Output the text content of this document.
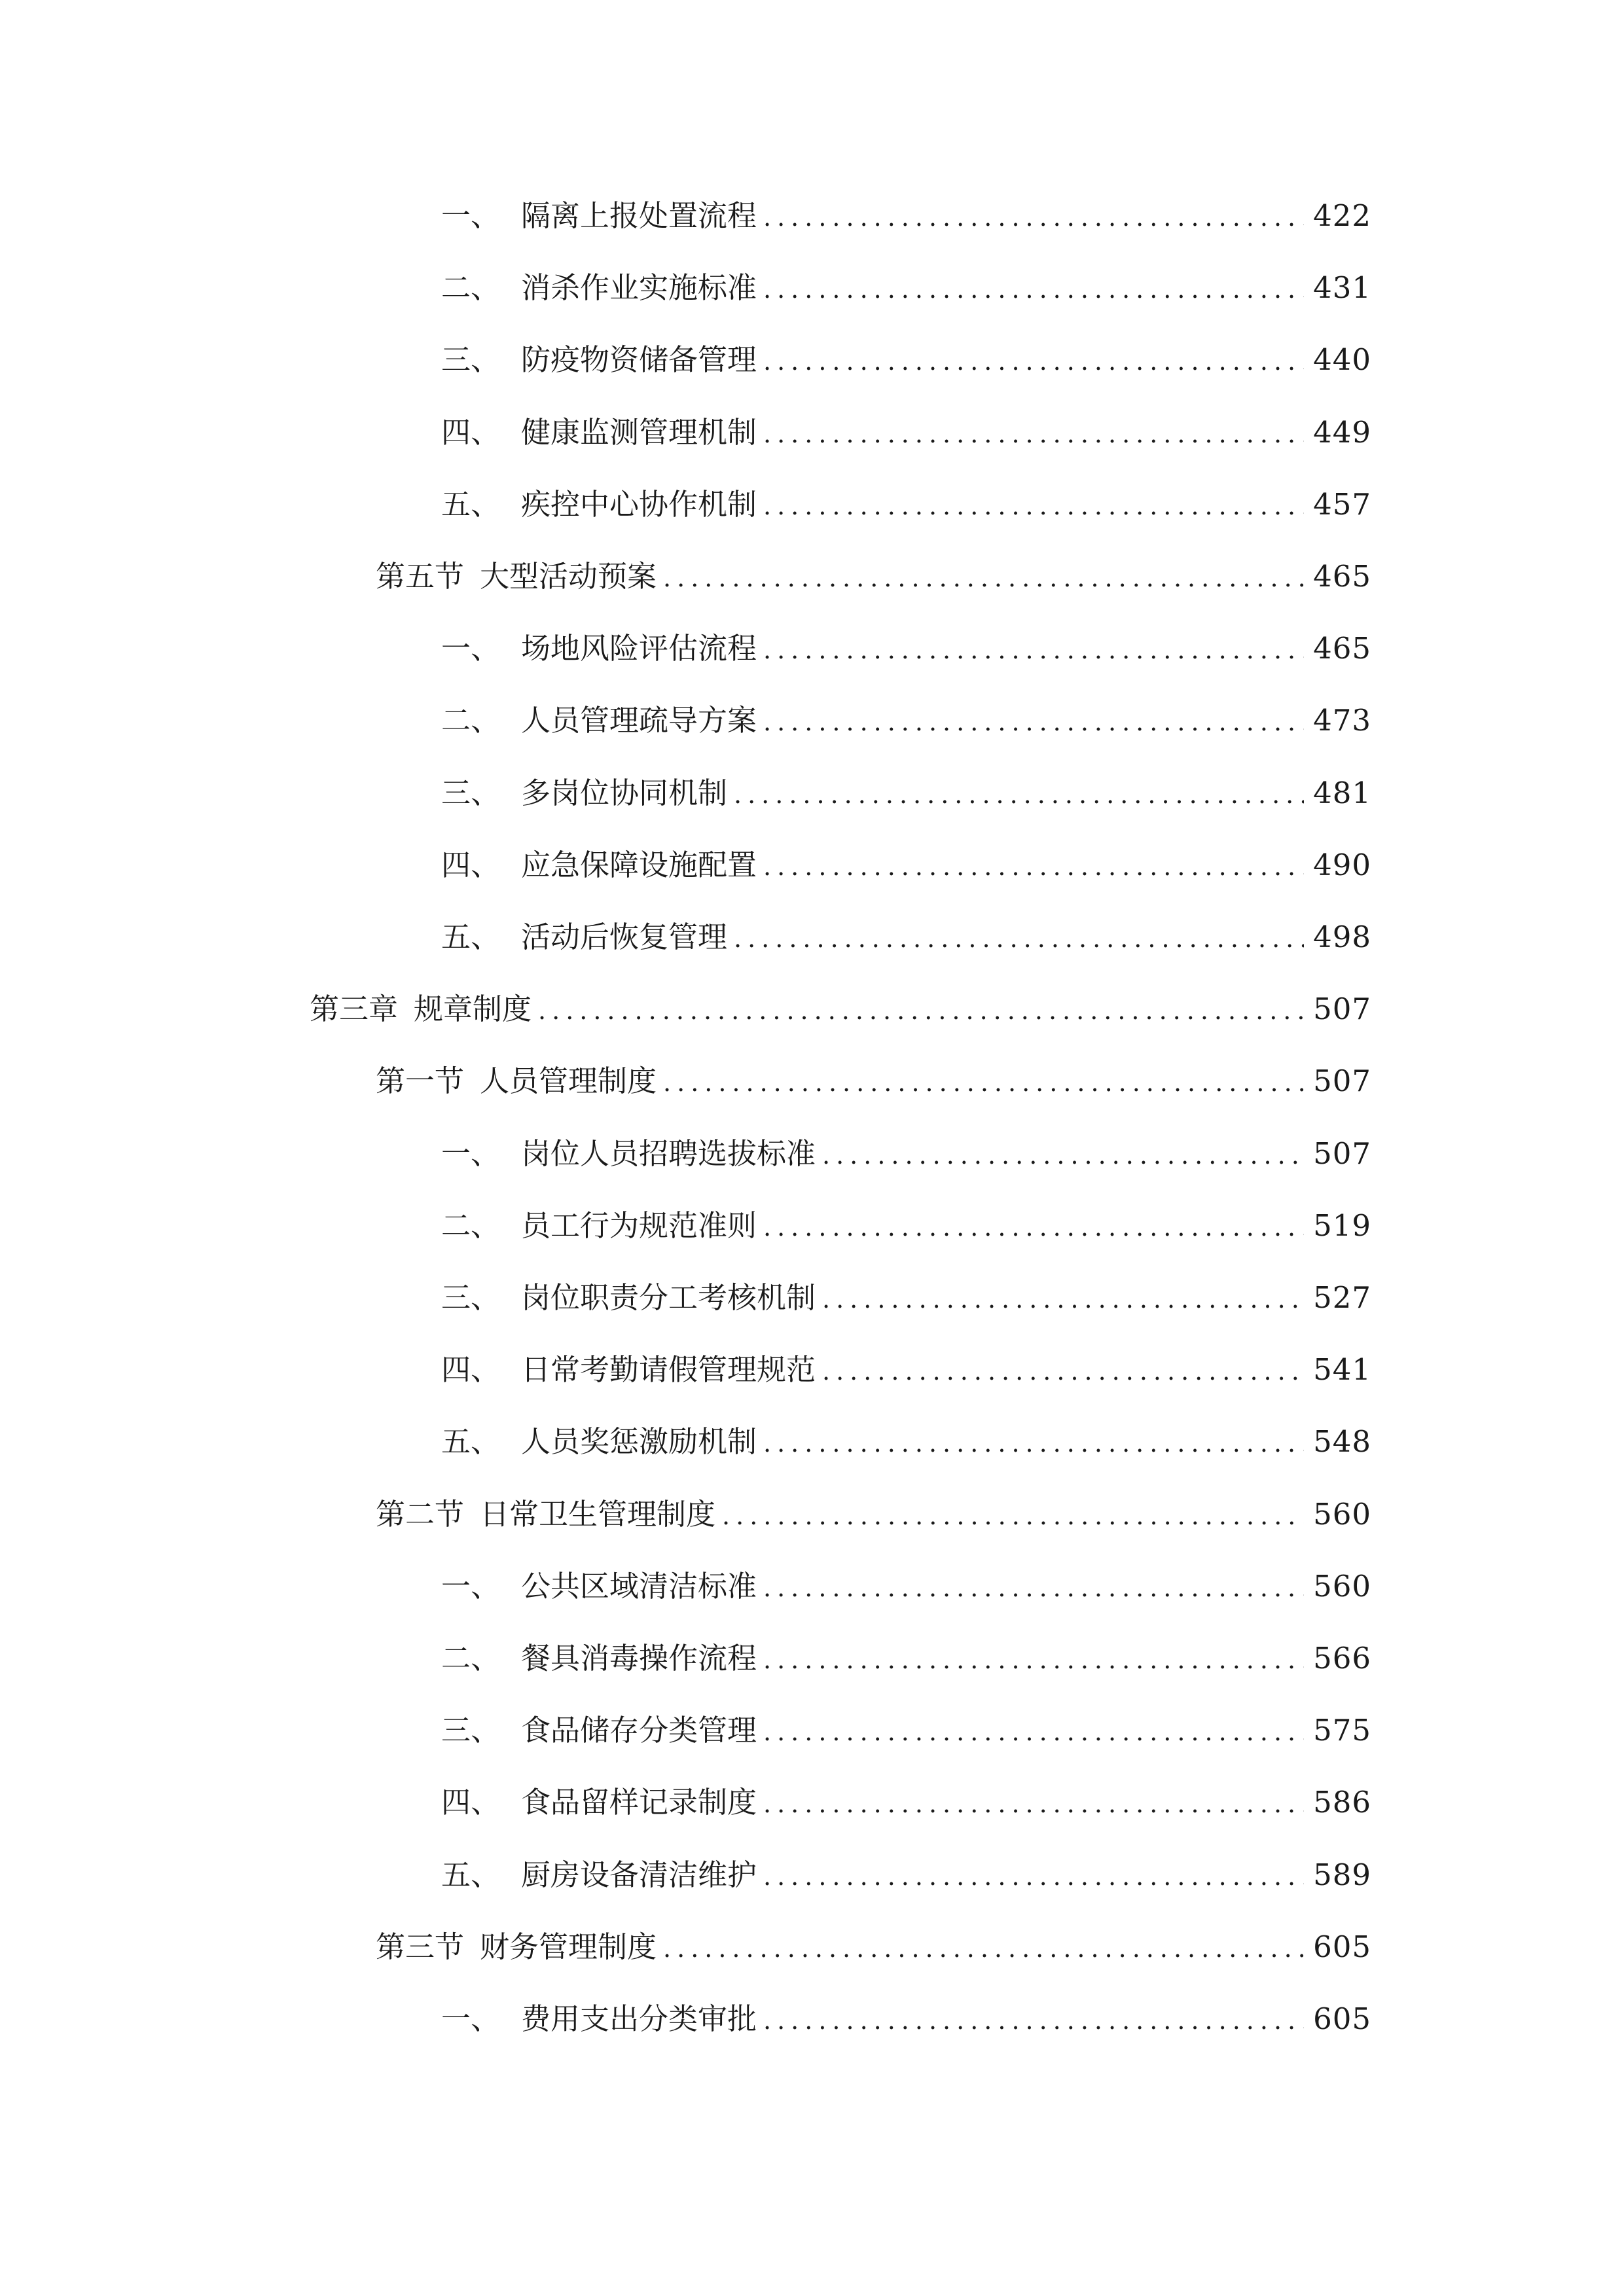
一、 隔离上报处置流程 .....	422
二、 消杀作业实施标准 .....	431
三、 防疫物资储备管理 .....	440
四、 健康监测管理机制 .....	449
五、 疾控中心协作机制 .....	457
第五节 大型活动预案 .....	465
一、 场地风险评估流程 .....	465
二、 人员管理疏导方案 .....	473
三、 多岗位协同机制 .....	481
四、 应急保障设施配置 .....	490
五、 活动后恢复管理 .....	498
第三章 规章制度 .....	507
第一节 人员管理制度 .....	507
一、 岗位人员招聘选拔标准 .....	507
二、 员工行为规范准则 .....	519
三、 岗位职责分工考核机制 .....	527
四、 日常考勤请假管理规范 .....	541
五、 人员奖惩激励机制 .....	548
第二节 日常卫生管理制度 .....	560
一、 公共区域清洁标准 .....	560
二、 餐具消毒操作流程 .....	566
三、 食品储存分类管理 .....	575
四、 食品留样记录制度 .....	586
五、 厨房设备清洁维护 .....	589
第三节 财务管理制度 .....	605
一、 费用支出分类审批 .....	605
